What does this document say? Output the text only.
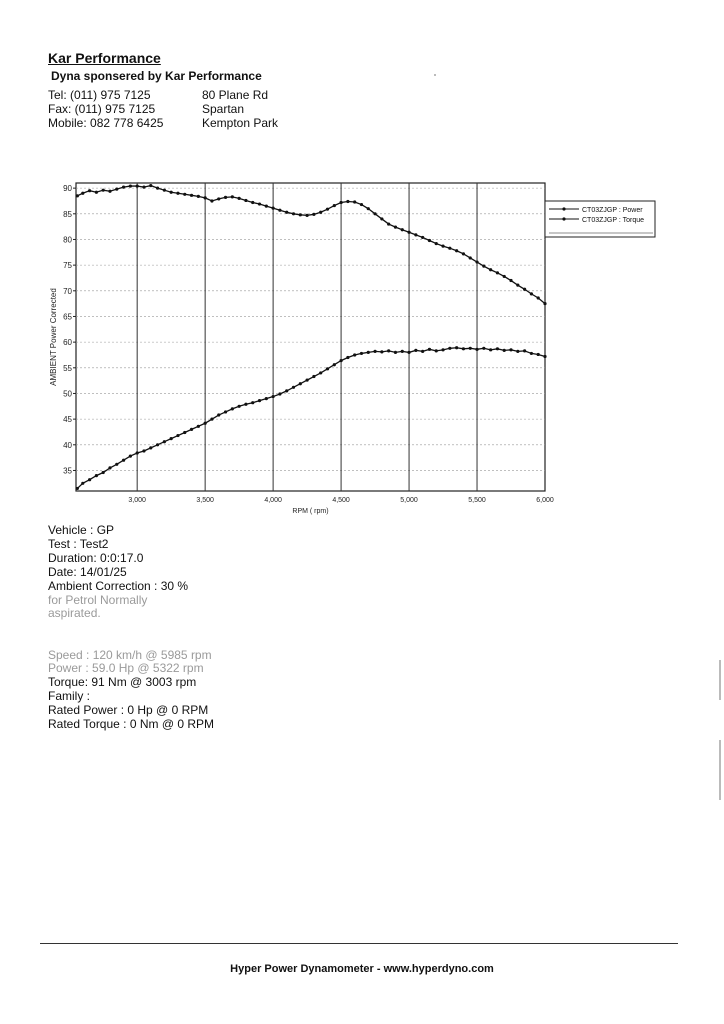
Kar Performance
Dyna sponsered by Kar Performance
Tel: (011) 975 7125
Fax: (011) 975 7125
Mobile: 082 778 6425
80 Plane Rd
Spartan
Kempton Park
35
40
45
50
55
60
65
70
75
80
85
90
3,000	3,500	4,000	4,500	5,000	5,500	6,000
RPM ( rpm)
AMBIENT Power Corrected
CT03ZJGP : Power
CT03ZJGP : Torque
Vehicle : GP
Test : Test2
Duration: 0:0:17.0
Date: 14/01/25
Ambient Correction : 30 %
for Petrol Normally
aspirated.
Speed : 120 km/h @ 5985 rpm
Power : 59.0 Hp @ 5322 rpm
Torque: 91 Nm @ 3003 rpm
Family :
Rated Power : 0 Hp @ 0 RPM
Rated Torque : 0 Nm @ 0 RPM
Hyper Power Dynamometer - www.hyperdyno.com
